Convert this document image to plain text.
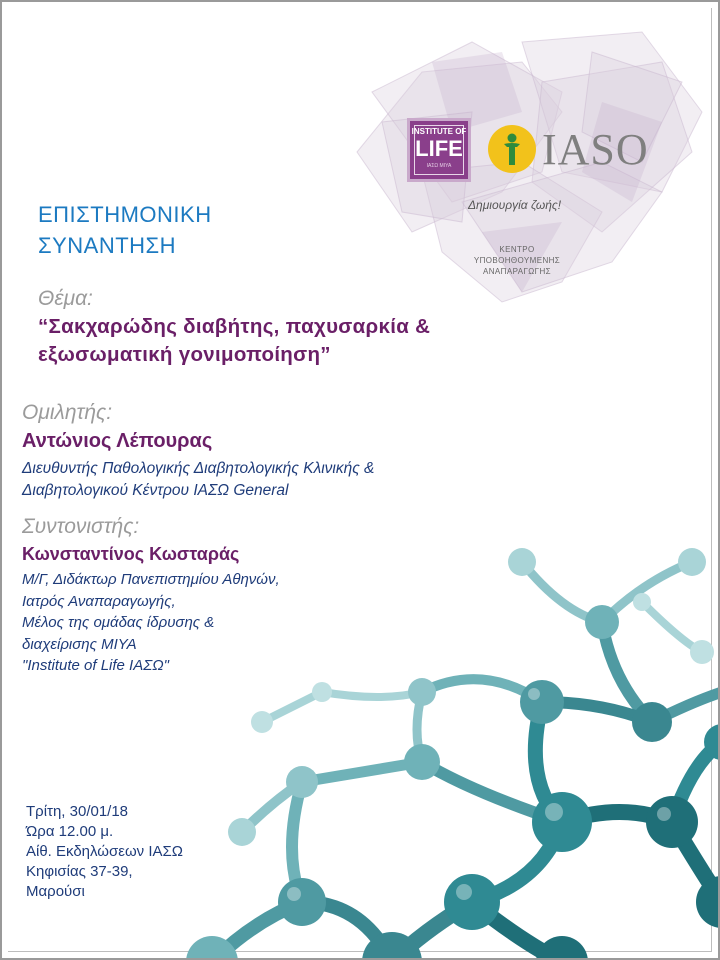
INSTITUTE OF
LIFE
ΙΑΣΩ ΜΙΥΑ	IASO
Δημιουργία ζωής!
ΚΕΝΤΡΟ
ΥΠΟΒΟΗΘΟΥΜΕΝΗΣ
ΑΝΑΠΑΡΑΓΩΓΗΣ
ΕΠΙΣΤΗΜΟΝΙΚΗ
ΣΥΝΑΝΤΗΣΗ
Θέμα:
“Σακχαρώδης διαβήτης, παχυσαρκία &
εξωσωματική γονιμοποίηση”
Ομιλητής:
Αντώνιος Λέπουρας
Διευθυντής Παθολογικής Διαβητολογικής Κλινικής &
Διαβητολογικού Κέντρου ΙΑΣΩ General
Συντονιστής:
Κωνσταντίνος Κωσταράς
Μ/Γ, Διδάκτωρ Πανεπιστημίου Αθηνών,
Ιατρός Αναπαραγωγής,
Μέλος της ομάδας ίδρυσης &
διαχείρισης ΜΙΥΑ
"Institute of Life ΙΑΣΩ"
Τρίτη, 30/01/18
Ώρα 12.00 μ.
Αίθ. Εκδηλώσεων ΙΑΣΩ
Κηφισίας 37-39,
Μαρούσι
